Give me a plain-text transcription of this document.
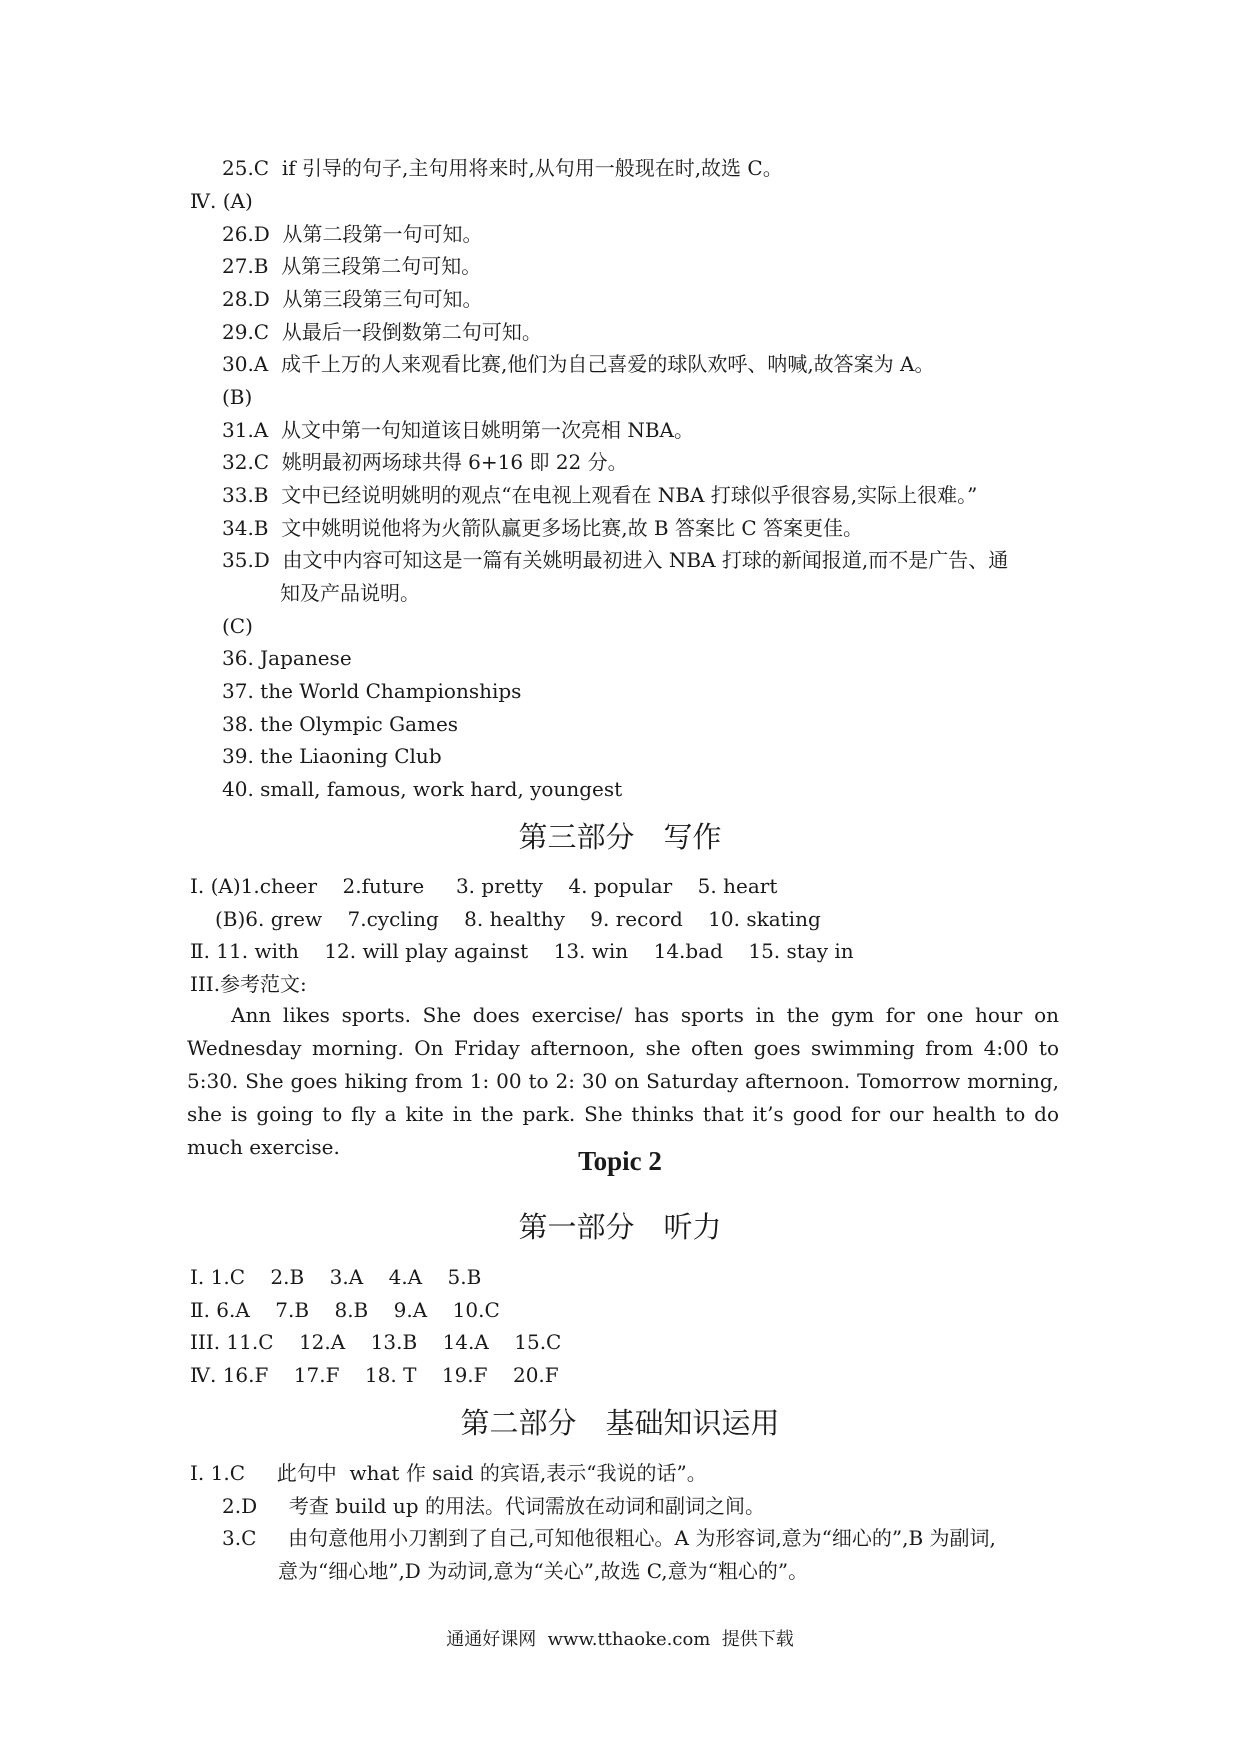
25.C  if 引导的句子,主句用将来时,从句用一般现在时,故选 C。
Ⅳ. (A)
26.D  从第二段第一句可知。
27.B  从第三段第二句可知。
28.D  从第三段第三句可知。
29.C  从最后一段倒数第二句可知。
30.A  成千上万的人来观看比赛,他们为自己喜爱的球队欢呼、呐喊,故答案为 A。
(B)
31.A  从文中第一句知道该日姚明第一次亮相 NBA。
32.C  姚明最初两场球共得 6+16 即 22 分。
33.B  文中已经说明姚明的观点“在电视上观看在 NBA 打球似乎很容易,实际上很难。”
34.B  文中姚明说他将为火箭队赢更多场比赛,故 B 答案比 C 答案更佳。
35.D  由文中内容可知这是一篇有关姚明最初进入 NBA 打球的新闻报道,而不是广告、通
知及产品说明。
(C)
36. Japanese
37. the World Championships
38. the Olympic Games
39. the Liaoning Club
40. small, famous, work hard, youngest
第三部分　写作
Ⅰ. (A)1.cheer    2.future     3. pretty    4. popular    5. heart
(B)6. grew    7.cycling    8. healthy    9. record    10. skating
Ⅱ. 11. with    12. will play against    13. win    14.bad    15. stay in
III.参考范文:
Ann likes sports. She does exercise/ has sports in the gym for one hour on Wednesday morning. On Friday afternoon, she often goes swimming from 4:00 to 5:30. She goes hiking from 1: 00 to 2: 30 on Saturday afternoon. Tomorrow morning, she is going to fly a kite in the park. She thinks that it’s good for our health to do much exercise.	Topic 2
第一部分　听力
Ⅰ. 1.C    2.B    3.A    4.A    5.B
Ⅱ. 6.A    7.B    8.B    9.A    10.C
III. 11.C    12.A    13.B    14.A    15.C
Ⅳ. 16.F    17.F    18. T    19.F    20.F
第二部分　基础知识运用
Ⅰ. 1.C     此句中  what 作 said 的宾语,表示“我说的话”。
2.D     考查 build up 的用法。代词需放在动词和副词之间。
3.C     由句意他用小刀割到了自己,可知他很粗心。A 为形容词,意为“细心的”,B 为副词,
意为“细心地”,D 为动词,意为“关心”,故选 C,意为“粗心的”。
通通好课网  www.tthaoke.com  提供下载
